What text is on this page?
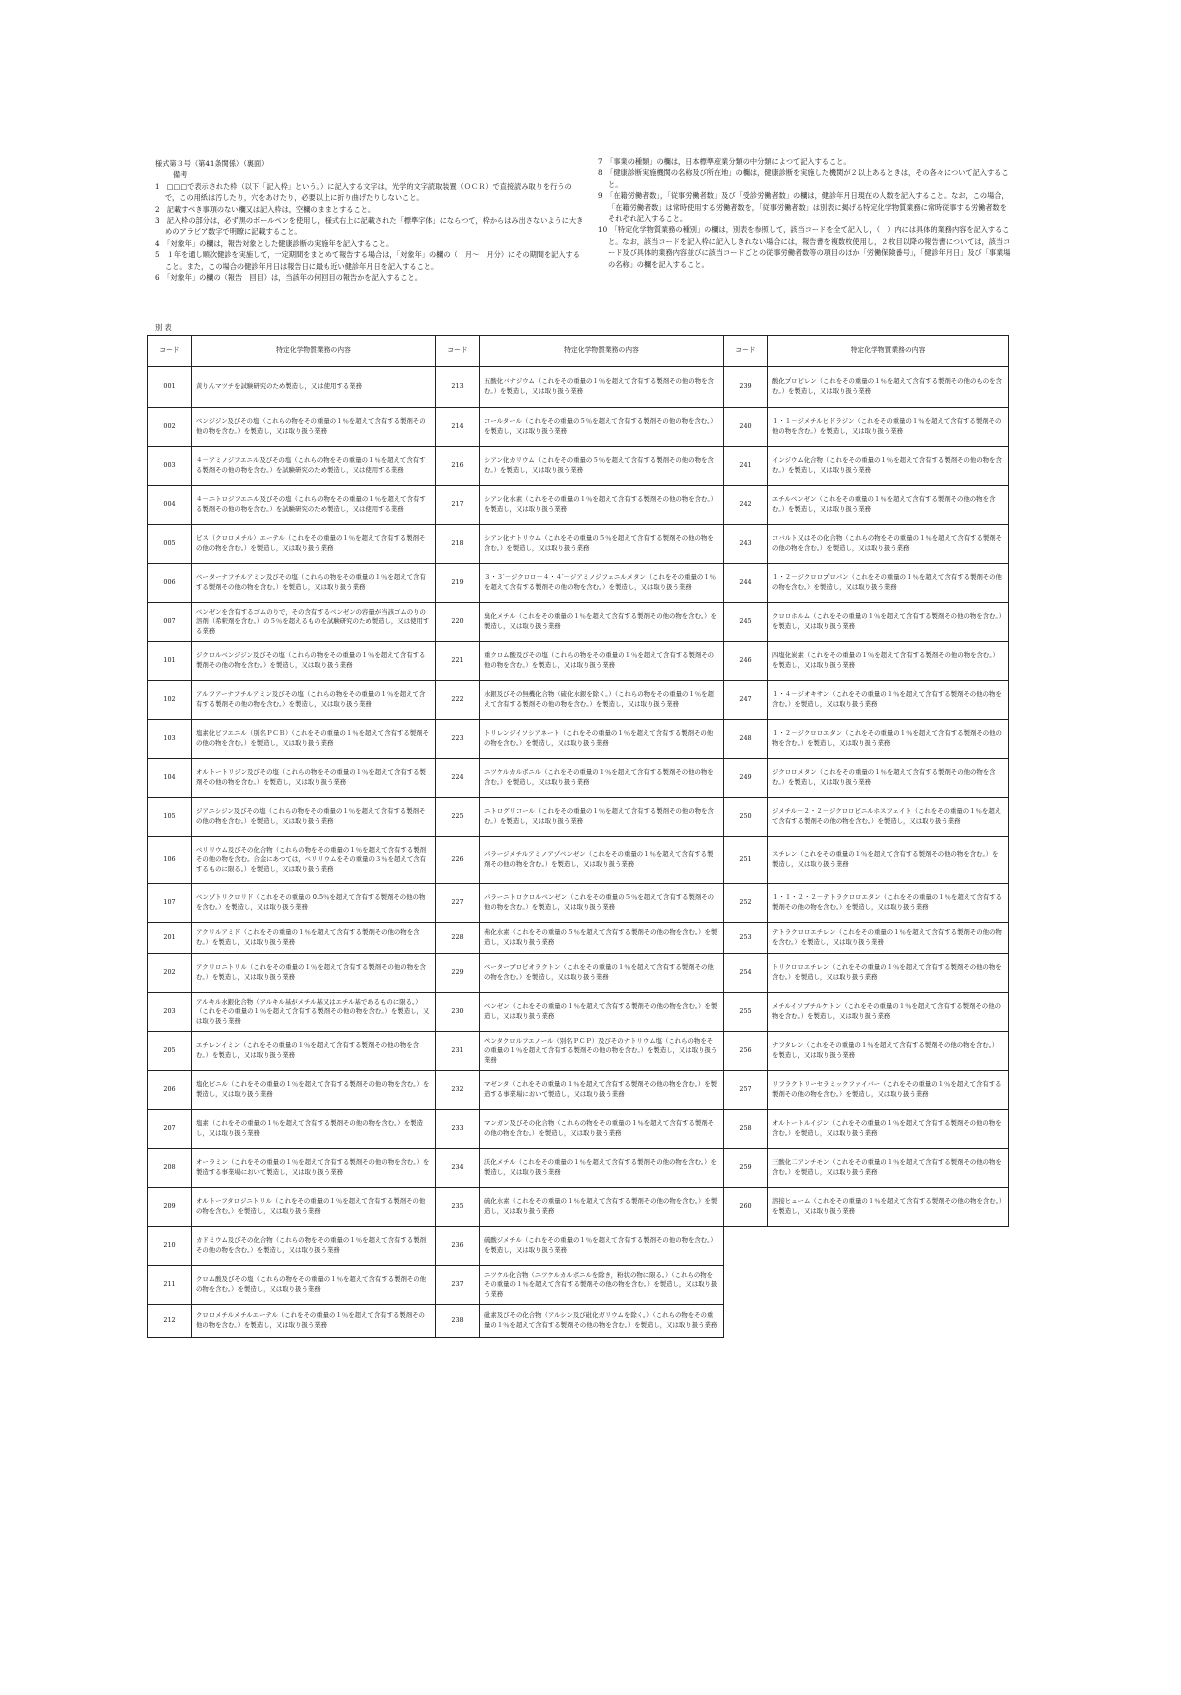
様式第３号（第41条関係）（裏面）

備考

1　□□□で表示された枠（以下「記入枠」という。）に記入する文字は，光学的文字読取装置（ＯＣＲ）で直接読み取りを行うので，この用紙は汚したり，穴をあけたり，必要以上に折り曲げたりしないこと。

2　記載すべき事項のない欄又は記入枠は，空欄のままとすること。

3　記入枠の部分は，必ず黒のボールペンを使用し，様式右上に記載された「標準字体」にならつて，枠からはみ出さないように大きめのアラビア数字で明瞭に記載すること。

4　「対象年」の欄は，報告対象とした健康診断の実施年を記入すること。

5　１年を通し順次健診を実施して，一定期間をまとめて報告する場合は，「対象年」の欄の（　月～　月分）にその期間を記入すること。また，この場合の健診年月日は報告日に最も近い健診年月日を記入すること。

6　「対象年」の欄の（報告　回目）は，当該年の何回目の報告かを記入すること。

7　「事業の種類」の欄は，日本標準産業分類の中分類によつて記入すること。

8　「健康診断実施機関の名称及び所在地」の欄は，健康診断を実施した機関が２以上あるときは，その各々について記入すること。

9　「在籍労働者数」，「従事労働者数」及び「受診労働者数」の欄は，健診年月日現在の人数を記入すること。なお，この場合，「在籍労働者数」は常時使用する労働者数を，「従事労働者数」は別表に掲げる特定化学物質業務に常時従事する労働者数をそれぞれ記入すること。

10　「特定化学物質業務の種別」の欄は，別表を参照して，該当コードを全て記入し，（　）内には具体的業務内容を記入すること。なお，該当コードを記入枠に記入しきれない場合には，報告書を複数枚使用し，２枚目以降の報告書については，該当コード及び具体的業務内容並びに該当コードごとの従事労働者数等の項目のほか「労働保険番号」，「健診年月日」及び「事業場の名称」の欄を記入すること。

別 表
コード	特定化学物質業務の内容	コード	特定化学物質業務の内容	コード	特定化学物質業務の内容
001	黄りんマツチを試験研究のため製造し，又は使用する業務	213	五酸化バナジウム（これをその重量の１％を超えて含有する製剤その他の物を含む。）を製造し，又は取り扱う業務	239	酸化プロピレン（これをその重量の１％を超えて含有する製剤その他のものを含む。）を製造し，又は取り扱う業務
002	ベンジジン及びその塩（これらの物をその重量の１％を超えて含有する製剤その他の物を含む。）を製造し，又は取り扱う業務	214	コールタール（これをその重量の５％を超えて含有する製剤その他の物を含む。）を製造し，又は取り扱う業務	240	１・１－ジメチルヒドラジン（これをその重量の１％を超えて含有する製剤その他の物を含む。）を製造し，又は取り扱う業務
003	４－アミノジフエニル及びその塩（これらの物をその重量の１％を超えて含有する製剤その他の物を含む。）を試験研究のため製造し，又は使用する業務	216	シアン化カリウム（これをその重量の５％を超えて含有する製剤その他の物を含む。）を製造し，又は取り扱う業務	241	インジウム化合物（これをその重量の１％を超えて含有する製剤その他の物を含む。）を製造し，又は取り扱う業務
004	４－ニトロジフエニル及びその塩（これらの物をその重量の１％を超えて含有する製剤その他の物を含む。）を試験研究のため製造し，又は使用する業務	217	シアン化水素（これをその重量の１％を超えて含有する製剤その他の物を含む。）を製造し，又は取り扱う業務	242	エチルベンゼン（これをその重量の１％を超えて含有する製剤その他の物を含む。）を製造し，又は取り扱う業務
005	ビス（クロロメチル）エーテル（これをその重量の１％を超えて含有する製剤その他の物を含む。）を製造し，又は取り扱う業務	218	シアン化ナトリウム（これをその重量の５％を超えて含有する製剤その他の物を含む。）を製造し，又は取り扱う業務	243	コバルト又はその化合物（これらの物をその重量の１％を超えて含有する製剤その他の物を含む。）を製造し，又は取り扱う業務
006	ベーターナフチルアミン及びその塩（これらの物をその重量の１％を超えて含有する製剤その他の物を含む。）を製造し，又は取り扱う業務	219	３・３′－ジクロロ－４・４′－ジアミノジフェニルメタン（これをその重量の１％を超えて含有する製剤その他の物を含む。）を製造し，又は取り扱う業務	244	１・２－ジクロロプロパン（これをその重量の１％を超えて含有する製剤その他の物を含む。）を製造し，又は取り扱う業務
007	ベンゼンを含有するゴムのりで，その含有するベンゼンの容量が当該ゴムのりの溶剤（希釈剤を含む。）の５％を超えるものを試験研究のため製造し，又は使用する業務	220	臭化メチル（これをその重量の１％を超えて含有する製剤その他の物を含む。）を製造し，又は取り扱う業務	245	クロロホルム（これをその重量の１％を超えて含有する製剤その他の物を含む。）を製造し，又は取り扱う業務
101	ジクロルベンジジン及びその塩（これらの物をその重量の１％を超えて含有する製剤その他の物を含む。）を製造し，又は取り扱う業務	221	重クロム酸及びその塩（これらの物をその重量の１％を超えて含有する製剤その他の物を含む。）を製造し，又は取り扱う業務	246	四塩化炭素（これをその重量の１％を超えて含有する製剤その他の物を含む。）を製造し，又は取り扱う業務
102	アルフアーナフチルアミン及びその塩（これらの物をその重量の１％を超えて含有する製剤その他の物を含む。）を製造し，又は取り扱う業務	222	水銀及びその無機化合物（硫化水銀を除く。）（これらの物をその重量の１％を超えて含有する製剤その他の物を含む。）を製造し，又は取り扱う業務	247	１・４－ジオキサン（これをその重量の１％を超えて含有する製剤その他の物を含む。）を製造し，又は取り扱う業務
103	塩素化ビフエニル（別名ＰＣＢ）（これをその重量の１％を超えて含有する製剤その他の物を含む。）を製造し，又は取り扱う業務	223	トリレンジイソシアネート（これをその重量の１％を超えて含有する製剤その他の物を含む。）を製造し，又は取り扱う業務	248	１・２－ジクロロエタン（これをその重量の１％を超えて含有する製剤その他の物を含む。）を製造し，又は取り扱う業務
104	オルトートリジン及びその塩（これらの物をその重量の１％を超えて含有する製剤その他の物を含む。）を製造し，又は取り扱う業務	224	ニツケルカルボニル（これをその重量の１％を超えて含有する製剤その他の物を含む。）を製造し，又は取り扱う業務	249	ジクロロメタン（これをその重量の１％を超えて含有する製剤その他の物を含む。）を製造し，又は取り扱う業務
105	ジアニシジン及びその塩（これらの物をその重量の１％を超えて含有する製剤その他の物を含む。）を製造し，又は取り扱う業務	225	ニトログリコール（これをその重量の１％を超えて含有する製剤その他の物を含む。）を製造し，又は取り扱う業務	250	ジメチル－２・２－ジクロロビニルホスフェイト（これをその重量の１％を超えて含有する製剤その他の物を含む。）を製造し，又は取り扱う業務
106	ベリリウム及びその化合物（これらの物をその重量の１％を超えて含有する製剤その他の物を含む。合金にあつては，ベリリウムをその重量の３％を超えて含有するものに限る。）を製造し，又は取り扱う業務	226	パラージメチルアミノアゾベンゼン（これをその重量の１％を超えて含有する製剤その他の物を含む。）を製造し，又は取り扱う業務	251	スチレン（これをその重量の１％を超えて含有する製剤その他の物を含む。）を製造し，又は取り扱う業務
107	ベンゾトリクロリド（これをその重量の 0.5％を超えて含有する製剤その他の物を含む。）を製造し，又は取り扱う業務	227	パラーニトロクロルベンゼン（これをその重量の５％を超えて含有する製剤その他の物を含む。）を製造し，又は取り扱う業務	252	１・１・２・２－テトラクロロエタン（これをその重量の１％を超えて含有する製剤その他の物を含む。）を製造し，又は取り扱う業務
201	アクリルアミド（これをその重量の１％を超えて含有する製剤その他の物を含む。）を製造し，又は取り扱う業務	228	弗化水素（これをその重量の５％を超えて含有する製剤その他の物を含む。）を製造し，又は取り扱う業務	253	テトラクロロエチレン（これをその重量の１％を超えて含有する製剤その他の物を含む。）を製造し，又は取り扱う業務
202	アクリロニトリル（これをその重量の１％を超えて含有する製剤その他の物を含む。）を製造し，又は取り扱う業務	229	ベーターブロピオラクトン（これをその重量の１％を超えて含有する製剤その他の物を含む。）を製造し，又は取り扱う業務	254	トリクロロエチレン（これをその重量の１％を超えて含有する製剤その他の物を含む。）を製造し，又は取り扱う業務
203	アルキル水銀化合物（アルキル基がメチル基又はエチル基であるものに限る。）（これをその重量の１％を超えて含有する製剤その他の物を含む。）を製造し，又は取り扱う業務	230	ベンゼン（これをその重量の１％を超えて含有する製剤その他の物を含む。）を製造し，又は取り扱う業務	255	メチルイソブチルケトン（これをその重量の１％を超えて含有する製剤その他の物を含む。）を製造し，又は取り扱う業務
205	エチレンイミン（これをその重量の１％を超えて含有する製剤その他の物を含む。）を製造し，又は取り扱う業務	231	ペンタクロルフエノール（別名ＰＣＰ）及びそのナトリウム塩（これらの物をその重量の１％を超えて含有する製剤その他の物を含む。）を製造し，又は取り扱う業務	256	ナフタレン（これをその重量の１％を超えて含有する製剤その他の物を含む。）を製造し，又は取り扱う業務
206	塩化ビニル（これをその重量の１％を超えて含有する製剤その他の物を含む。）を製造し，又は取り扱う業務	232	マゼンタ（これをその重量の１％を超えて含有する製剤その他の物を含む。）を製造する事業場において製造し，又は取り扱う業務	257	リフラクトリーセラミックファイバー（これをその重量の１％を超えて含有する製剤その他の物を含む。）を製造し，又は取り扱う業務
207	塩素（これをその重量の１％を超えて含有する製剤その他の物を含む。）を製造し，又は取り扱う業務	233	マンガン及びその化合物（これらの物をその重量の１％を超えて含有する製剤その他の物を含む。）を製造し，又は取り扱う業務	258	オルトートルイジン（これをその重量の１％を超えて含有する製剤その他の物を含む。）を製造し，又は取り扱う業務
208	オーラミン（これをその重量の１％を超えて含有する製剤その他の物を含む。）を製造する事業場において製造し，又は取り扱う業務	234	沃化メチル（これをその重量の１％を超えて含有する製剤その他の物を含む。）を製造し，又は取り扱う業務	259	三酸化二アンチモン（これをその重量の１％を超えて含有する製剤その他の物を含む。）を製造し，又は取り扱う業務
209	オルトーフタロジニトリル（これをその重量の１％を超えて含有する製剤その他の物を含む。）を製造し，又は取り扱う業務	235	硫化水素（これをその重量の１％を超えて含有する製剤その他の物を含む。）を製造し，又は取り扱う業務	260	溶接ヒューム（これをその重量の１％を超えて含有する製剤その他の物を含む。）を製造し，又は取り扱う業務
210	カドミウム及びその化合物（これらの物をその重量の１％を超えて含有する製剤その他の物を含む。）を製造し，又は取り扱う業務	236	硫酸ジメチル（これをその重量の１％を超えて含有する製剤その他の物を含む。）を製造し，又は取り扱う業務		
211	クロム酸及びその塩（これらの物をその重量の１％を超えて含有する製剤その他の物を含む。）を製造し，又は取り扱う業務	237	ニツケル化合物（ニツケルカルボニルを除き，粉状の物に限る。）（これらの物をその重量の１％を超えて含有する製剤その他の物を含む。）を製造し，又は取り扱う業務		
212	クロロメチルメチルエーテル（これをその重量の１％を超えて含有する製剤その他の物を含む。）を製造し，又は取り扱う業務	238	砒素及びその化合物（アルシン及び砒化ガリウムを除く。）（これらの物をその重量の１％を超えて含有する製剤その他の物を含む。）を製造し，又は取り扱う業務		
